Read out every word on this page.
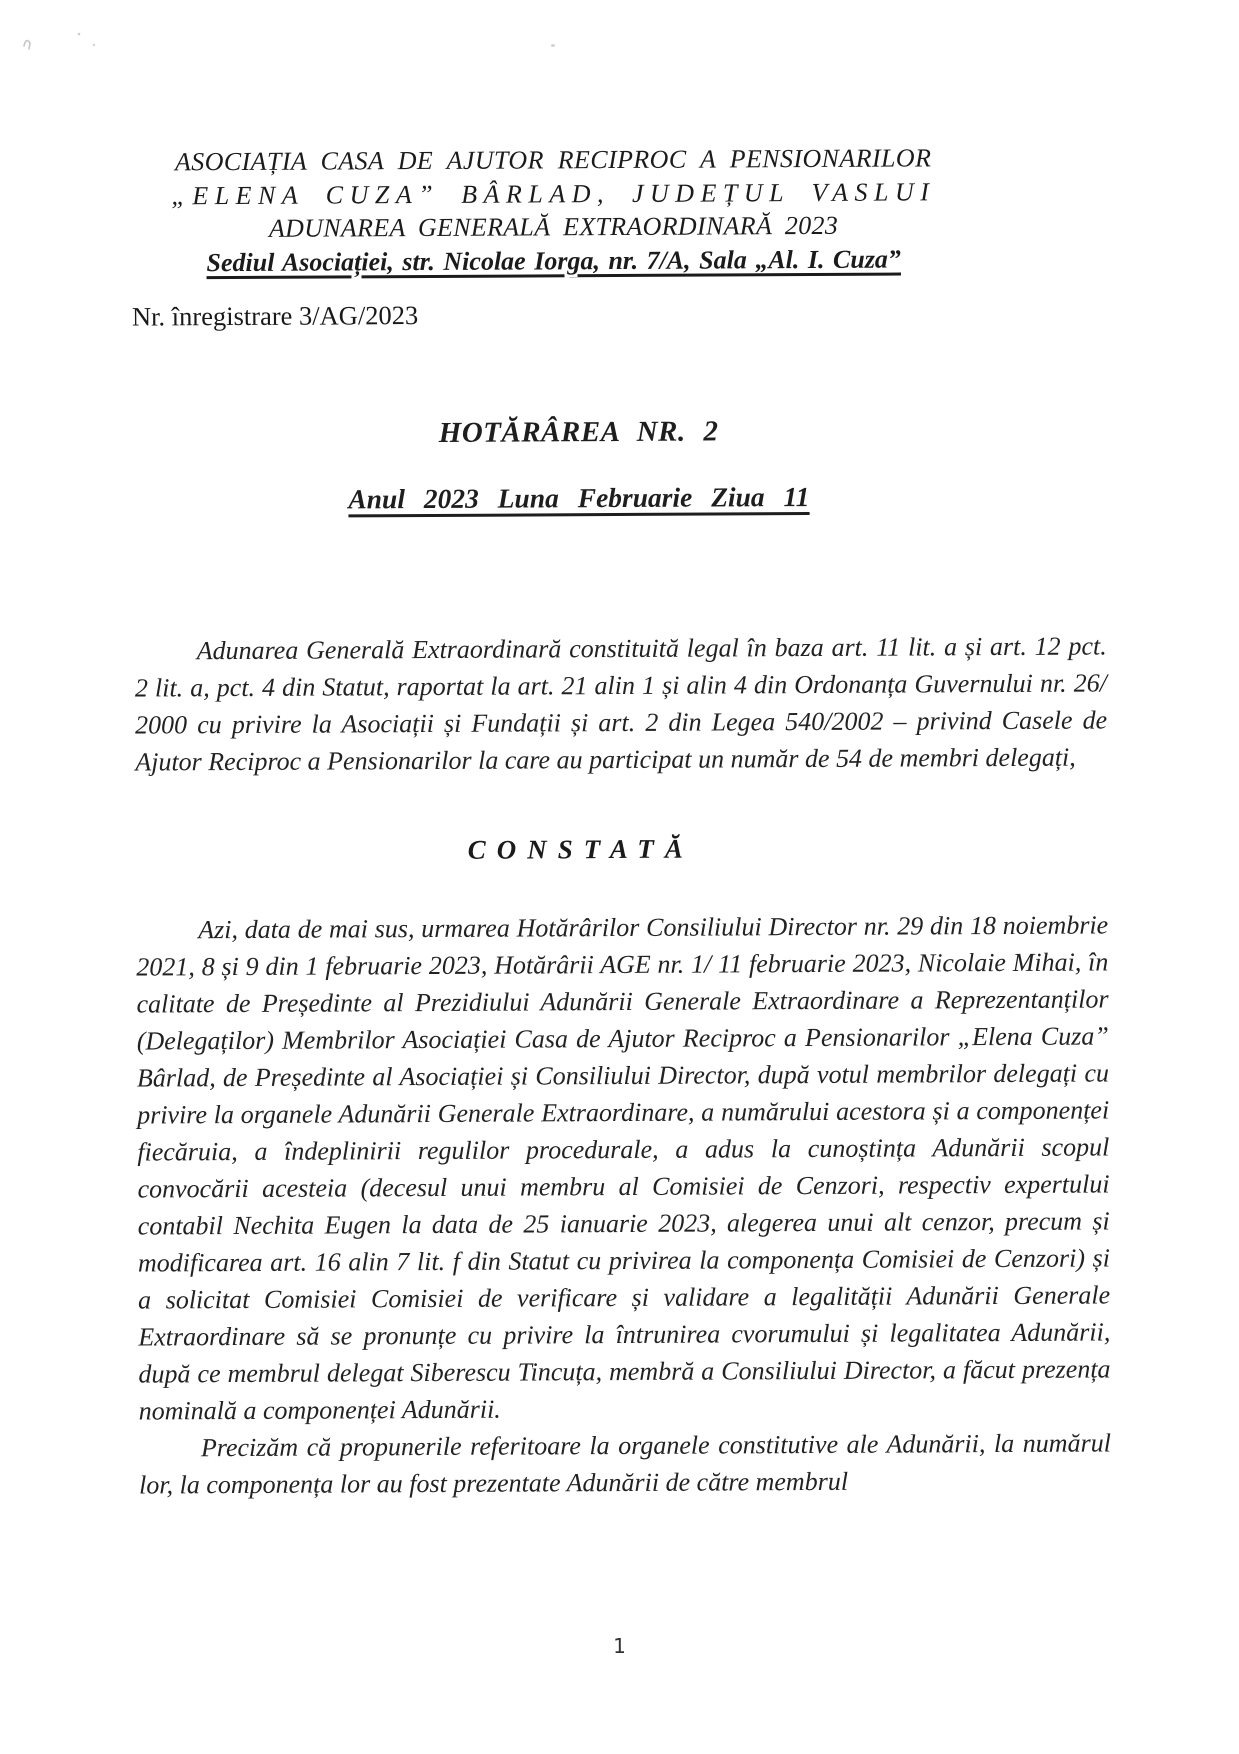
ASOCIAȚIA CASA DE AJUTOR RECIPROC A PENSIONARILOR
„ELENA CUZA” BÂRLAD, JUDEȚUL VASLUI
ADUNAREA GENERALĂ EXTRAORDINARĂ 2023
Sediul Asociației, str. Nicolae Iorga, nr. 7/A, Sala „Al. I. Cuza”
Nr. înregistrare 3/AG/2023
HOTĂRÂREA NR. 2
Anul 2023 Luna Februarie Ziua 11

Adunarea Generală Extraordinară constituită legal în baza art. 11 lit. a și art. 12 pct. 2 lit. a, pct. 4 din Statut, raportat la art. 21 alin 1 și alin 4 din Ordonanța Guvernului nr. 26/ 2000 cu privire la Asociații și Fundații și art. 2 din Legea 540/2002 – privind Casele de Ajutor Reciproc a Pensionarilor la care au participat un număr de 54 de membri delegați,

CONSTATĂ

Azi, data de mai sus, urmarea Hotărârilor Consiliului Director nr. 29 din 18 noiembrie 2021, 8 și 9 din 1 februarie 2023, Hotărârii AGE nr. 1/ 11 februarie 2023, Nicolaie Mihai, în calitate de Președinte al Prezidiului Adunării Generale Extraordinare a Reprezentanților (Delegaților) Membrilor Asociației Casa de Ajutor Reciproc a Pensionarilor „Elena Cuza” Bârlad, de Președinte al Asociației și Consiliului Director, după votul membrilor delegați cu privire la organele Adunării Generale Extraordinare, a numărului acestora și a componenței fiecăruia, a îndeplinirii regulilor procedurale, a adus la cunoștința Adunării scopul convocării acesteia (decesul unui membru al Comisiei de Cenzori, respectiv expertului contabil Nechita Eugen la data de 25 ianuarie 2023, alegerea unui alt cenzor, precum și modificarea art. 16 alin 7 lit. f din Statut cu privirea la componența Comisiei de Cenzori) și a solicitat Comisiei Comisiei de verificare și validare a legalității Adunării Generale Extraordinare să se pronunțe cu privire la întrunirea cvorumului și legalitatea Adunării, după ce membrul delegat Siberescu Tincuța, membră a Consiliului Director, a făcut prezența nominală a componenței Adunării.

Precizăm că propunerile referitoare la organele constitutive ale Adunării, la numărul lor, la componența lor au fost prezentate Adunării de către membrul

1
